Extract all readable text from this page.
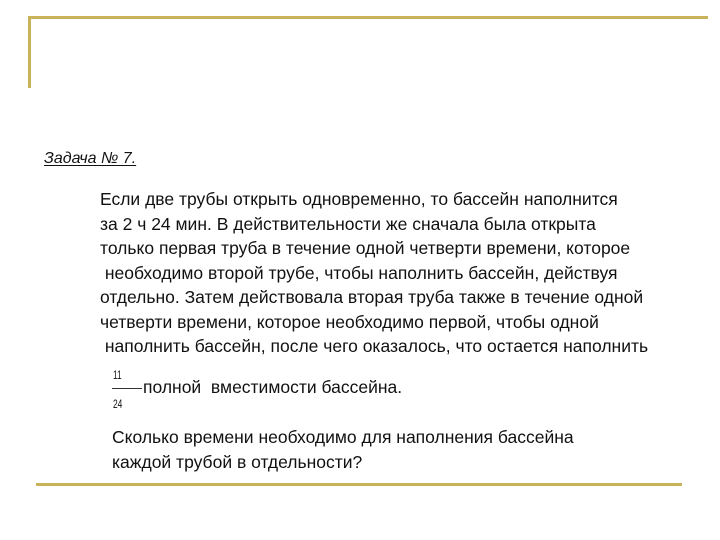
Задача № 7.
Если две трубы открыть одновременно, то бассейн наполнится
за 2 ч 24 мин. В действительности же сначала была открыта
только первая труба в течение одной четверти времени, которое
необходимо второй трубе, чтобы наполнить бассейн, действуя
отдельно. Затем действовала вторая труба также в течение одной
четверти времени, которое необходимо первой, чтобы одной
наполнить бассейн, после чего оказалось, что остается наполнить
11
24
полной  вместимости бассейна.
Сколько времени необходимо для наполнения бассейна
каждой трубой в отдельности?
